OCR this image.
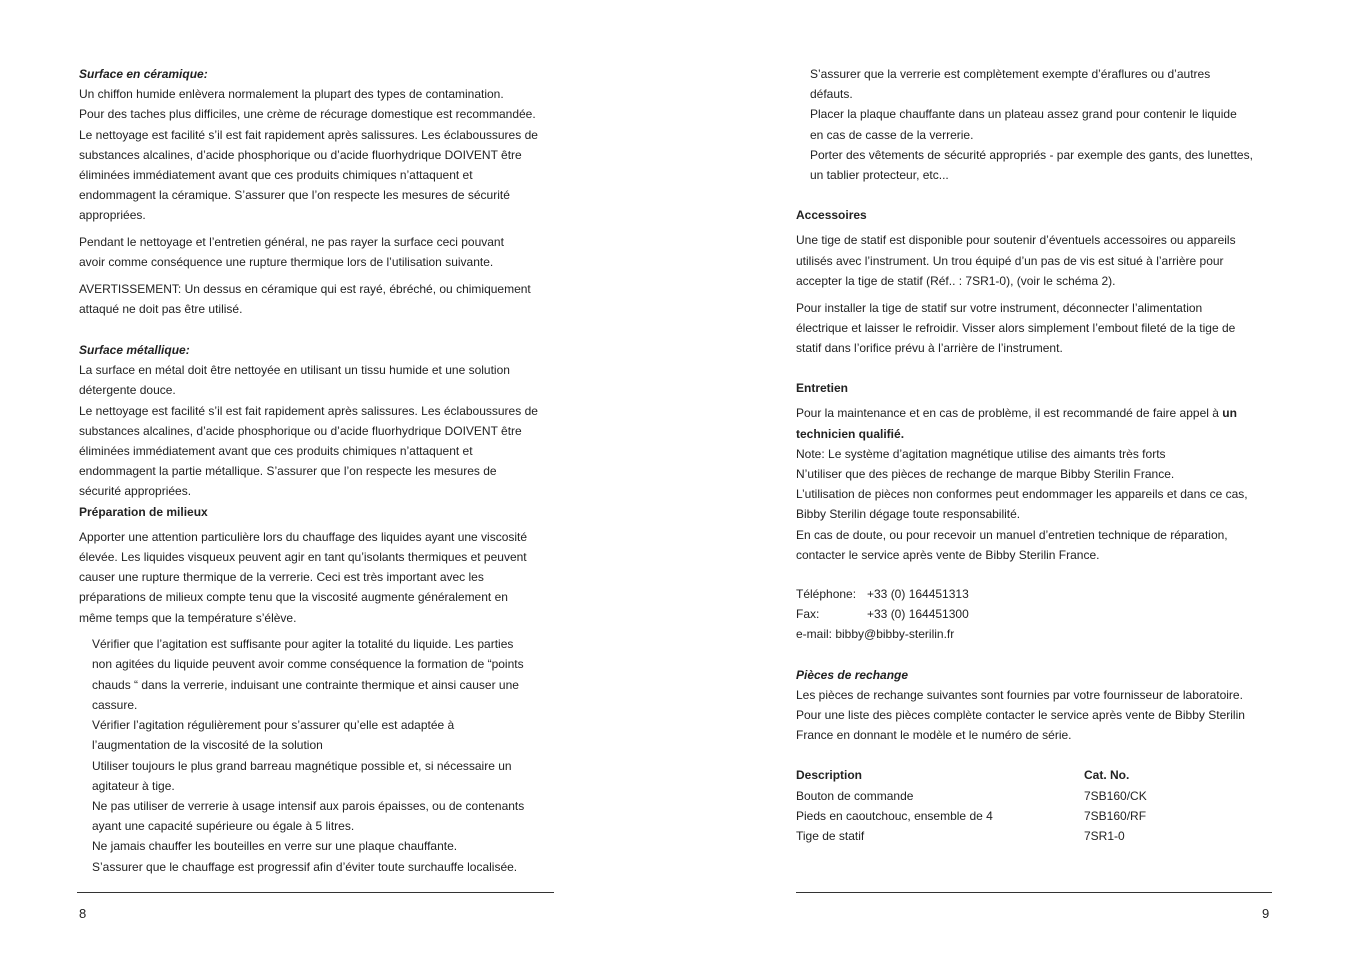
Surface en céramique:
Un chiffon humide enlèvera normalement la plupart des types de contamination.
Pour des taches plus difficiles, une crème de récurage domestique est recommandée.
Le nettoyage est facilité s’il est fait rapidement après salissures. Les éclaboussures de
substances alcalines, d’acide phosphorique ou d’acide fluorhydrique DOIVENT être
éliminées immédiatement avant que ces produits chimiques n’attaquent et
endommagent la céramique. S’assurer que l’on respecte les mesures de sécurité
appropriées.
Pendant le nettoyage et l’entretien général, ne pas rayer la surface ceci pouvant
avoir comme conséquence une rupture thermique lors de l’utilisation suivante.
AVERTISSEMENT: Un dessus en céramique qui est rayé, ébréché, ou chimiquement
attaqué ne doit pas être utilisé.
Surface métallique:
La surface en métal doit être nettoyée en utilisant un tissu humide et une solution
détergente douce.
Le nettoyage est facilité s’il est fait rapidement après salissures. Les éclaboussures de
substances alcalines, d’acide phosphorique ou d’acide fluorhydrique DOIVENT être
éliminées immédiatement avant que ces produits chimiques n’attaquent et
endommagent la partie métallique. S’assurer que l’on respecte les mesures de
sécurité appropriées.
Préparation de milieux
Apporter une attention particulière lors du chauffage des liquides ayant une viscosité
élevée. Les liquides visqueux peuvent agir en tant qu’isolants thermiques et peuvent
causer une rupture thermique de la verrerie. Ceci est très important avec les
préparations de milieux compte tenu que la viscosité augmente généralement en
même temps que la température s’élève.
Vérifier que l’agitation est suffisante pour agiter la totalité du liquide. Les parties
non agitées du liquide peuvent avoir comme conséquence la formation de “points
chauds “ dans la verrerie, induisant une contrainte thermique et ainsi causer une
cassure.
Vérifier l’agitation régulièrement pour s’assurer qu’elle est adaptée à
l’augmentation de la viscosité de la solution
Utiliser toujours le plus grand barreau magnétique possible et, si nécessaire un
agitateur à tige.
Ne pas utiliser de verrerie à usage intensif aux parois épaisses, ou de contenants
ayant une capacité supérieure ou égale à 5 litres.
Ne jamais chauffer les bouteilles en verre sur une plaque chauffante.
S’assurer que le chauffage est progressif afin d’éviter toute surchauffe localisée.
8
S’assurer que la verrerie est complètement exempte d’éraflures ou d’autres
défauts.
Placer la plaque chauffante dans un plateau assez grand pour contenir le liquide
en cas de casse de la verrerie.
Porter des vêtements de sécurité appropriés - par exemple des gants, des lunettes,
un tablier protecteur, etc...
Accessoires
Une tige de statif est disponible pour soutenir d’éventuels accessoires ou appareils
utilisés avec l’instrument. Un trou équipé d’un pas de vis est situé à l’arrière pour
accepter la tige de statif (Réf.. : 7SR1-0), (voir le schéma 2).
Pour installer la tige de statif sur votre instrument, déconnecter l’alimentation
électrique et laisser le refroidir. Visser alors simplement l’embout fileté de la tige de
statif dans l’orifice prévu à l’arrière de l’instrument.
Entretien
Pour la maintenance et en cas de problème, il est recommandé de faire appel à un
technicien qualifié.
Note: Le système d’agitation magnétique utilise des aimants très forts
N’utiliser que des pièces de rechange de marque Bibby Sterilin France.
L’utilisation de pièces non conformes peut endommager les appareils et dans ce cas,
Bibby Sterilin dégage toute responsabilité.
En cas de doute, ou pour recevoir un manuel d’entretien technique de réparation,
contacter le service après vente de Bibby Sterilin France.
Téléphone: +33 (0) 164451313
Fax:	+33 (0) 164451300
e-mail: bibby@bibby-sterilin.fr
Pièces de rechange
Les pièces de rechange suivantes sont fournies par votre fournisseur de laboratoire.
Pour une liste des pièces complète contacter le service après vente de Bibby Sterilin
France en donnant le modèle et le numéro de série.
Description	Cat. No.
Bouton de commande	7SB160/CK
Pieds en caoutchouc, ensemble de 4	7SB160/RF
Tige de statif	7SR1-0
9
